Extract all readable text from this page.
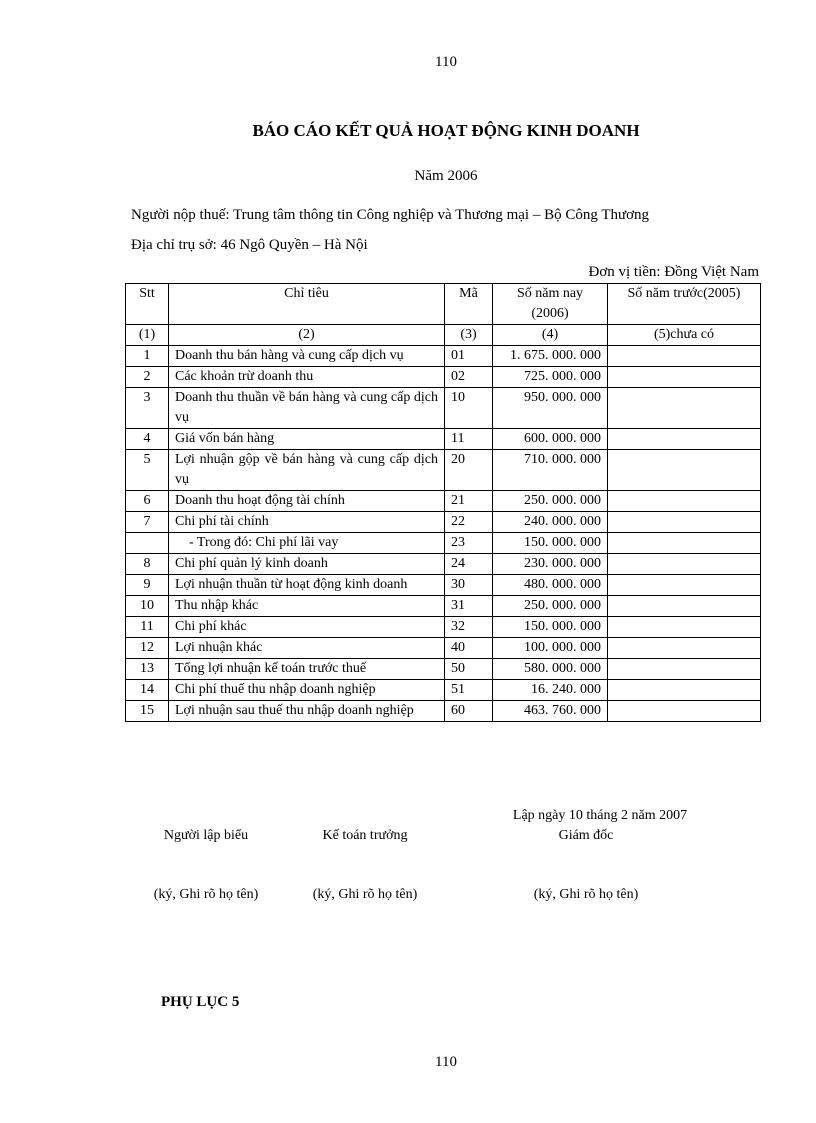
110
BÁO CÁO KẾT QUẢ HOẠT ĐỘNG KINH DOANH
Năm 2006
Người nộp thuế: Trung tâm thông tin Công nghiệp và Thương mại – Bộ Công Thương
Địa chỉ trụ sở: 46 Ngô Quyền – Hà Nội
Đơn vị tiền: Đồng Việt Nam
Stt	Chỉ tiêu	Mã	Số năm nay (2006)	Số năm trước(2005)
(1)	(2)	(3)	(4)	(5)chưa có
1	Doanh thu bán hàng và cung cấp dịch vụ	01	1. 675. 000. 000	
2	Các khoản trừ doanh thu	02	725. 000. 000	
3	Doanh thu thuần về bán hàng và cung cấp dịch vụ	10	950. 000. 000	
4	Giá vốn bán hàng	11	600. 000. 000	
5	Lợi nhuận gộp về bán hàng và cung cấp dịch vụ	20	710. 000. 000	
6	Doanh thu hoạt động tài chính	21	250. 000. 000	
7	Chi phí tài chính	22	240. 000. 000	
	- Trong đó: Chi phí lãi vay	23	150. 000. 000	
8	Chi phí quản lý kinh doanh	24	230. 000. 000	
9	Lợi nhuận thuần từ hoạt động kinh doanh	30	480. 000. 000	
10	Thu nhập khác	31	250. 000. 000	
11	Chi phí khác	32	150. 000. 000	
12	Lợi nhuận khác	40	100. 000. 000	
13	Tổng lợi nhuận kế toán trước thuế	50	580. 000. 000	
14	Chi phí thuế thu nhập doanh nghiệp	51	16. 240. 000	
15	Lợi nhuận sau thuế thu nhập doanh nghiệp	60	463. 760. 000	
Lập ngày 10 tháng 2 năm 2007
Người lập biểu	Kế toán trưởng	Giám đốc
(ký, Ghi rõ họ tên)	(ký, Ghi rõ họ tên)	(ký, Ghi rõ họ tên)
PHỤ LỤC 5
110
